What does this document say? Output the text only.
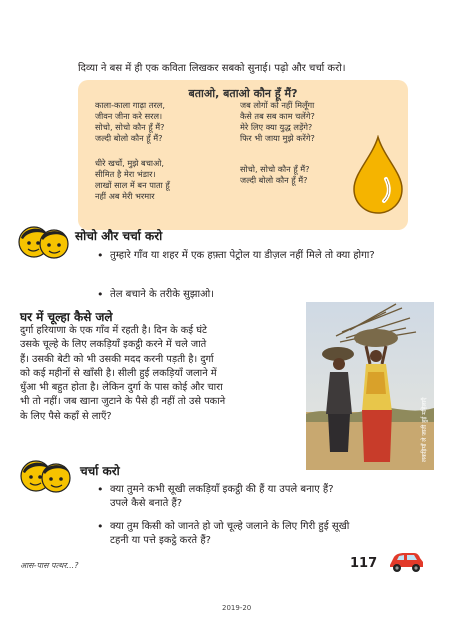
दिव्या ने बस में ही एक कविता लिखकर सबको सुनाई। पढ़ो और चर्चा करो।
बताओ, बताओ कौन हूँ मैं?
काला-काला गाढ़ा तरल,
जीवन जीना करे सरल।
सोचो, सोचो कौन हूँ मैं?
जल्दी बोलो कौन हूँ मैं?
धीरे खर्चो, मुझे बचाओ,
सीमित है मेरा भंडार।
लाखों साल में बन पाता हूँ
नहीं अब मेरी भरमार
जब लोगों को नहीं मिलूँगा
कैसे तब सब काम चलेंगे?
मेरे लिए क्या युद्ध लड़ेंगे?
फिर भी जाया मुझे करेंगे?
सोचो, सोचो कौन हूँ मैं?
जल्दी बोलो कौन हूँ मैं?
सोचो और चर्चा करो
• तुम्हारे गाँव या शहर में एक हफ़्ता पेट्रोल या डीज़ल नहीं मिले तो क्या होगा?
• तेल बचाने के तरीके सुझाओ।
घर में चूल्हा कैसे जले
दुर्गा हरियाणा के एक गाँव में रहती है। दिन के कई घंटे
उसके चूल्हे के लिए लकड़ियाँ इकट्ठी करने में चले जाते
हैं। उसकी बेटी को भी उसकी मदद करनी पड़ती है। दुर्गा
को कई महीनों से खाँसी है। सीली हुई लकड़ियाँ जलाने में
धुँआ भी बहुत होता है। लेकिन दुर्गा के पास कोई और चारा
भी तो नहीं। जब खाना जुटाने के पैसे ही नहीं तो उसे पकाने
के लिए पैसे कहाँ से लाएँ?	लकड़ियाँ ले जाती हुई महिलाएँ
चर्चा करो
• क्या तुमने कभी सूखी लकड़ियाँ इकट्ठी की हैं या उपले बनाए हैं?
उपले कैसे बनाते हैं?
• क्या तुम किसी को जानते हो जो चूल्हे जलाने के लिए गिरी हुई सूखी
टहनी या पत्ते इकट्ठे करते हैं?
आस-पास पत्थर...?	117
2019-20
